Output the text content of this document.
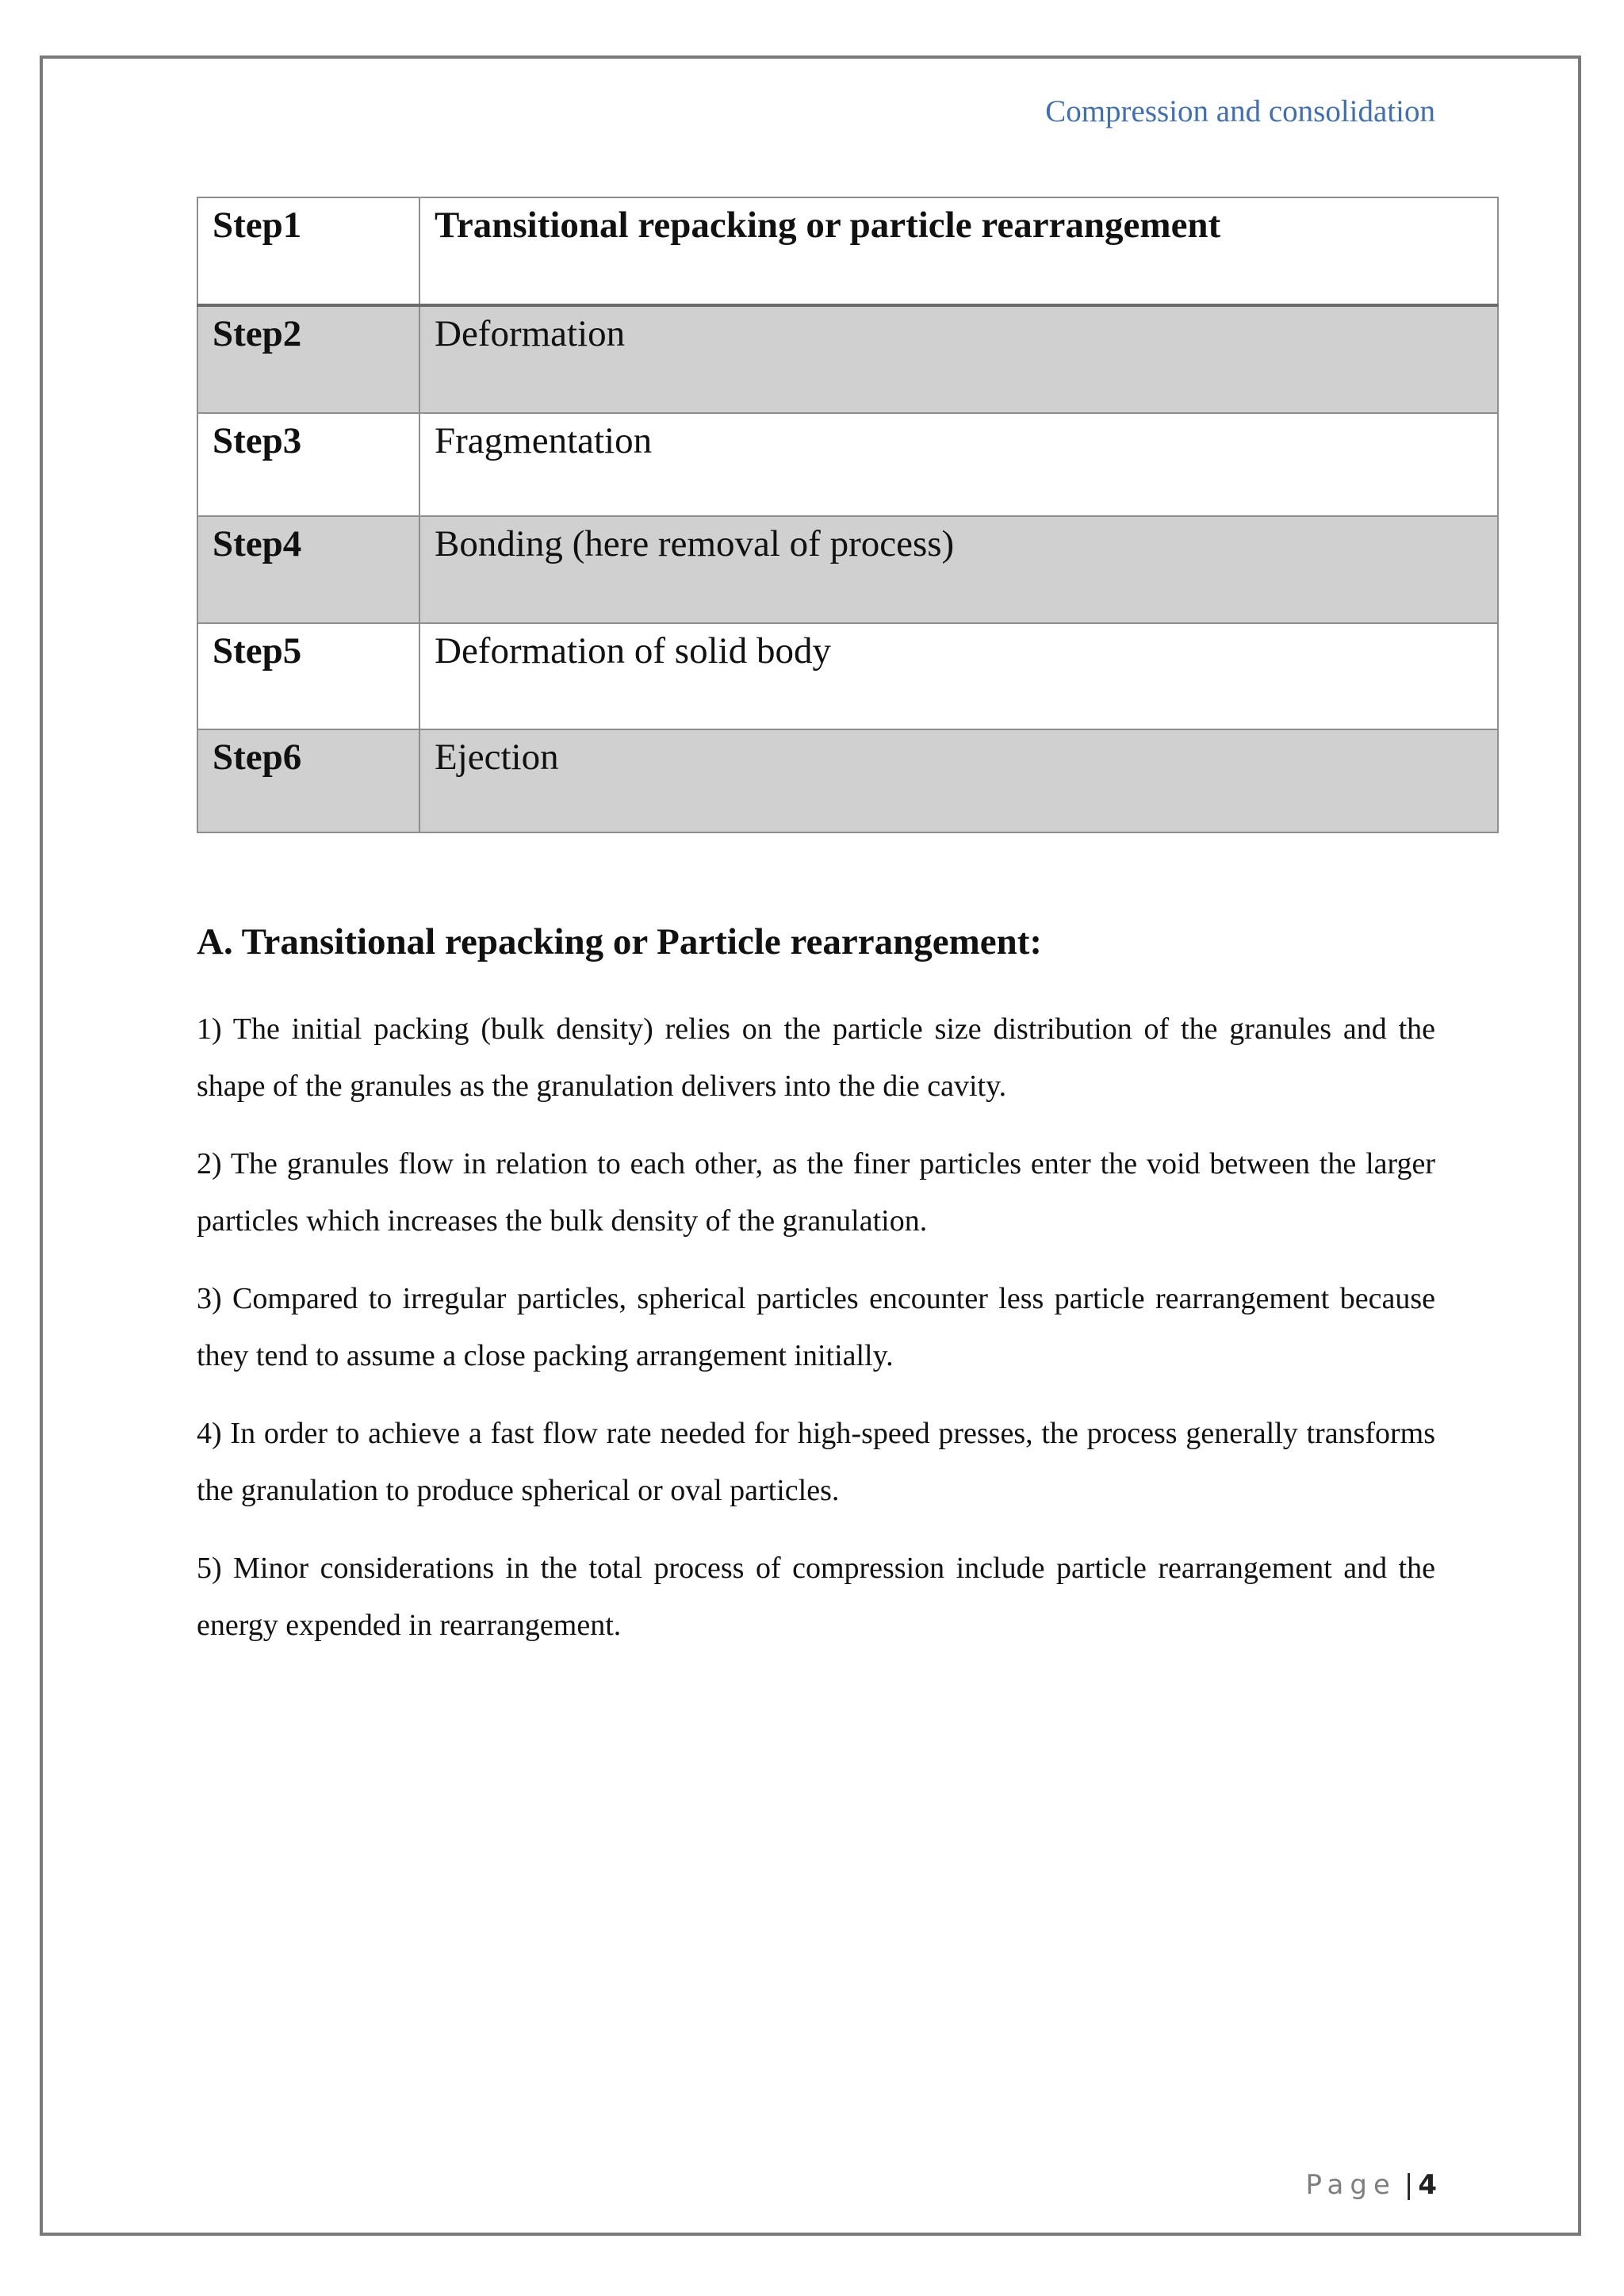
Compression and consolidation
Step1	Transitional repacking or particle rearrangement

Step2	Deformation

Step3	Fragmentation

Step4	Bonding (here removal of process)

Step5	Deformation of solid body

Step6	Ejection
A. Transitional repacking or Particle rearrangement:

1) The initial packing (bulk density) relies on the particle size distribution of the granules and the shape of the granules as the granulation delivers into the die cavity.

2) The granules flow in relation to each other, as the finer particles enter the void between the larger particles which increases the bulk density of the granulation.

3) Compared to irregular particles, spherical particles encounter less particle rearrangement because they tend to assume a close packing arrangement initially.

4) In order to achieve a fast flow rate needed for high-speed presses, the process generally transforms the granulation to produce spherical or oval particles.

5) Minor considerations in the total process of compression include particle rearrangement and the energy expended in rearrangement.

Page | 4
